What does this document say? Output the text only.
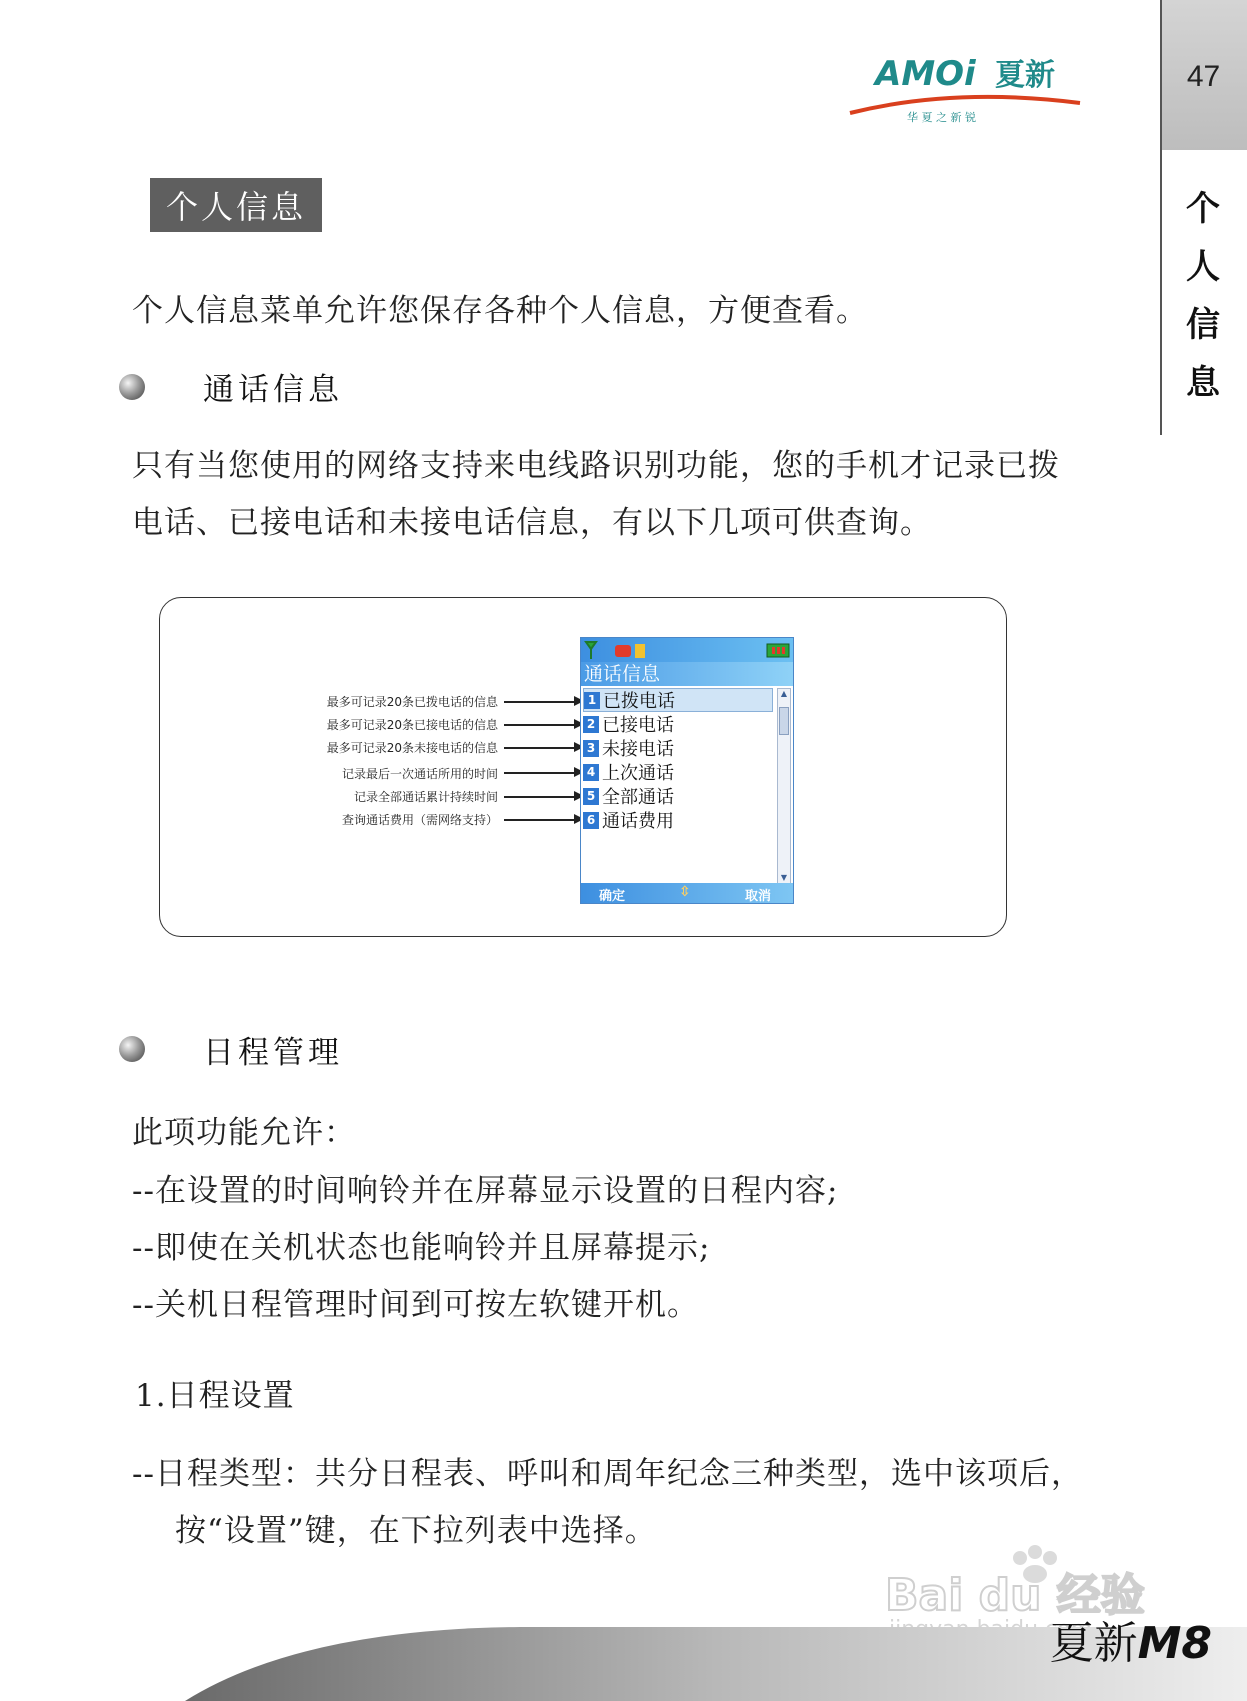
47
个
人
信
息
AMOi 夏新
华 夏 之 新 锐
个人信息
个人信息菜单允许您保存各种个人信息，方便查看。
通话信息
只有当您使用的网络支持来电线路识别功能，您的手机才记录已拨
电话、已接电话和未接电话信息，有以下几项可供查询。
最多可记录20条已拨电话的信息
最多可记录20条已接电话的信息
最多可记录20条未接电话的信息
记录最后一次通话所用的时间
记录全部通话累计持续时间
查询通话费用（需网络支持）
通话信息
1 已拨电话
2 已接电话
3 未接电话
4 上次通话
5 全部通话
6 通话费用
▲
▼
确定	⇳	取消
日程管理
此项功能允许：
--在设置的时间响铃并在屏幕显示设置的日程内容;
--即使在关机状态也能响铃并且屏幕提示;
--关机日程管理时间到可按左软键开机。
1.日程设置
--日程类型：共分日程表、呼叫和周年纪念三种类型，选中该项后，
按“设置”键，在下拉列表中选择。
Bai du 经验
夏新M8
